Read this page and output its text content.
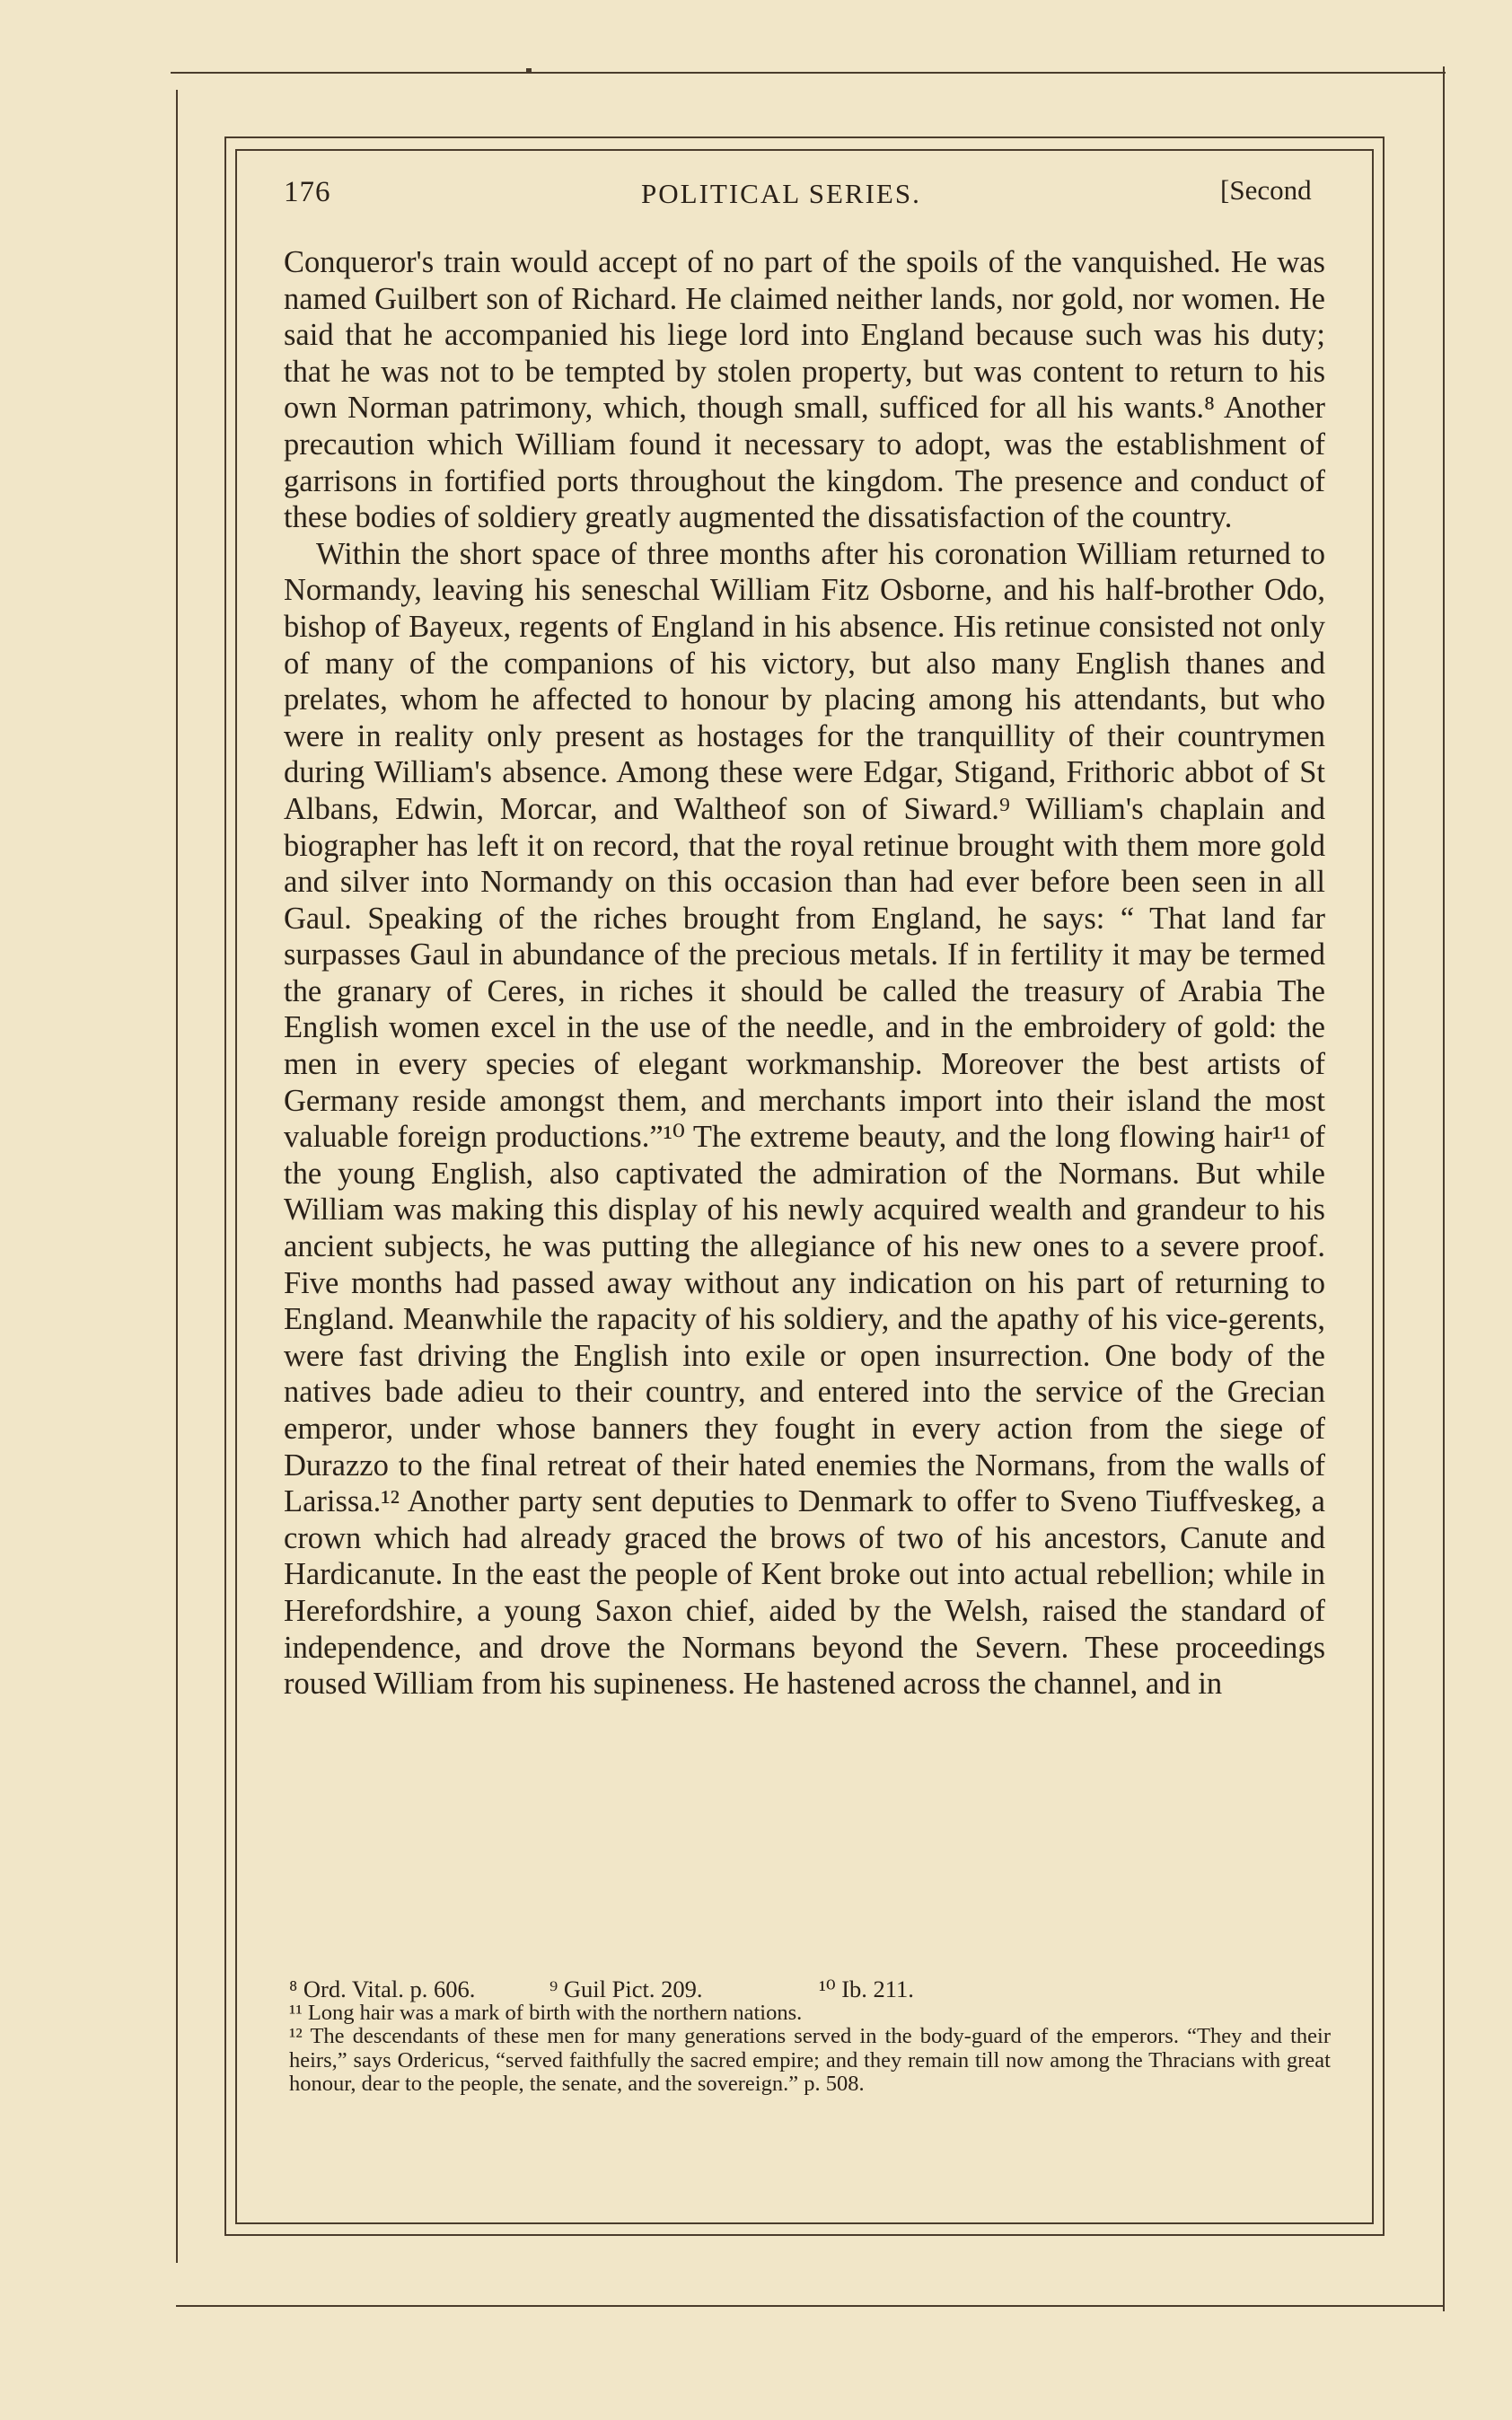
176	POLITICAL SERIES.	[Second

Conqueror's train would accept of no part of the spoils of the vanquished. He was named Guilbert son of Richard. He claimed neither lands, nor gold, nor women. He said that he accompanied his liege lord into England because such was his duty; that he was not to be tempted by stolen property, but was content to return to his own Norman patrimony, which, though small, sufficed for all his wants.⁸ Another precaution which William found it necessary to adopt, was the establishment of garrisons in fortified ports throughout the kingdom. The presence and conduct of these bodies of soldiery greatly augmented the dissatisfaction of the country.

Within the short space of three months after his coronation William returned to Normandy, leaving his seneschal William Fitz Osborne, and his half-brother Odo, bishop of Bayeux, regents of England in his absence. His retinue consisted not only of many of the companions of his victory, but also many English thanes and prelates, whom he affected to honour by placing among his attendants, but who were in reality only present as hostages for the tranquillity of their countrymen during William's absence. Among these were Edgar, Stigand, Frithoric abbot of St Albans, Edwin, Morcar, and Waltheof son of Siward.⁹ William's chaplain and biographer has left it on record, that the royal retinue brought with them more gold and silver into Normandy on this occasion than had ever before been seen in all Gaul. Speaking of the riches brought from England, he says: “ That land far surpasses Gaul in abundance of the precious metals. If in fertility it may be termed the granary of Ceres, in riches it should be called the treasury of Arabia The English women excel in the use of the needle, and in the embroidery of gold: the men in every species of elegant workmanship. Moreover the best artists of Germany reside amongst them, and merchants import into their island the most valuable foreign productions.”¹⁰ The extreme beauty, and the long flowing hair¹¹ of the young English, also captivated the admiration of the Normans. But while William was making this display of his newly acquired wealth and grandeur to his ancient subjects, he was putting the allegiance of his new ones to a severe proof. Five months had passed away without any indication on his part of returning to England. Meanwhile the rapacity of his soldiery, and the apathy of his vice-gerents, were fast driving the English into exile or open insurrection. One body of the natives bade adieu to their country, and entered into the service of the Grecian emperor, under whose banners they fought in every action from the siege of Durazzo to the final retreat of their hated enemies the Normans, from the walls of Larissa.¹² Another party sent deputies to Denmark to offer to Sveno Tiuffveskeg, a crown which had already graced the brows of two of his ancestors, Canute and Hardicanute. In the east the people of Kent broke out into actual rebellion; while in Herefordshire, a young Saxon chief, aided by the Welsh, raised the standard of independence, and drove the Normans beyond the Severn. These proceedings roused William from his supineness. He hastened across the channel, and in

⁸ Ord. Vital. p. 606.	⁹ Guil Pict. 209.	¹⁰ Ib. 211.

¹¹ Long hair was a mark of birth with the northern nations.

¹² The descendants of these men for many generations served in the body-guard of the emperors. “They and their heirs,” says Ordericus, “served faithfully the sacred empire; and they remain till now among the Thracians with great honour, dear to the people, the senate, and the sovereign.” p. 508.
